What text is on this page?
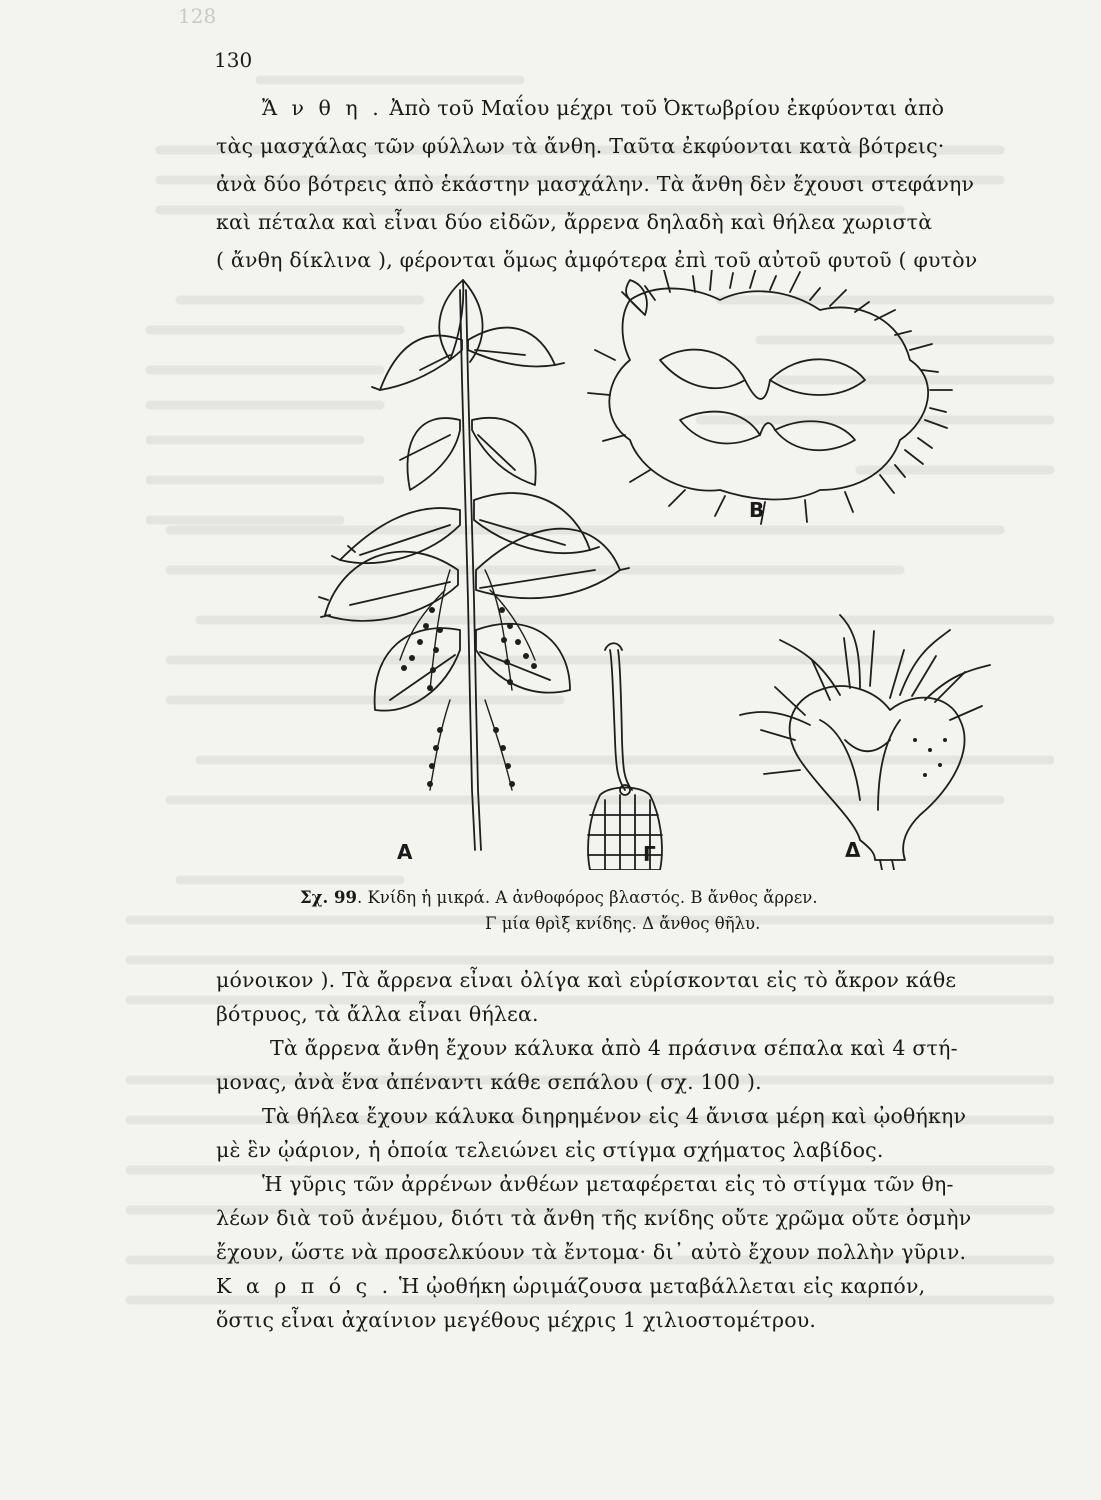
128
130
Ἄ ν θ η . Ἀπὸ τοῦ Μαΐου μέχρι τοῦ Ὀκτωβρίου ἐκφύονται ἀπὸ
τὰς μασχάλας τῶν φύλλων τὰ ἄνθη. Ταῦτα ἐκφύονται κατὰ βότρεις·
ἀνὰ δύο βότρεις ἀπὸ ἑκάστην μασχάλην. Τὰ ἄνθη δὲν ἔχουσι στεφάνην
καὶ πέταλα καὶ εἶναι δύο εἰδῶν, ἄρρενα δηλαδὴ καὶ θήλεα χωριστὰ
( ἄνθη δίκλινα ), φέρονται ὅμως ἀμφότερα ἐπὶ τοῦ αὐτοῦ φυτοῦ ( φυτὸν
Α
Β
Γ	Δ
Σχ. 99. Κνίδη ἡ μικρά. Α ἀνθοφόρος βλαστός. Β ἄνθος ἄρρεν.
Γ μία θρὶξ κνίδης. Δ ἄνθος θῆλυ.
μόνοικον ). Τὰ ἄρρενα εἶναι ὀλίγα καὶ εὑρίσκονται εἰς τὸ ἄκρον κάθε
βότρυος, τὰ ἄλλα εἶναι θήλεα.
Τὰ ἄρρενα ἄνθη ἔχουν κάλυκα ἀπὸ 4 πράσινα σέπαλα καὶ 4 στή-
μονας, ἀνὰ ἕνα ἀπέναντι κάθε σεπάλου ( σχ. 100 ).
Τὰ θήλεα ἔχουν κάλυκα διηρημένον εἰς 4 ἄνισα μέρη καὶ ᾠοθήκην
μὲ ἓν ᾠάριον, ἡ ὁποία τελειώνει εἰς στίγμα σχήματος λαβίδος.
Ἡ γῦρις τῶν ἀρρένων ἀνθέων μεταφέρεται εἰς τὸ στίγμα τῶν θη-
λέων διὰ τοῦ ἀνέμου, διότι τὰ ἄνθη τῆς κνίδης οὔτε χρῶμα οὔτε ὀσμὴν
ἔχουν, ὥστε νὰ προσελκύουν τὰ ἔντομα· δι᾽ αὐτὸ ἔχουν πολλὴν γῦριν.
Κ α ρ π ό ς . Ἡ ᾠοθήκη ὡριμάζουσα μεταβάλλεται εἰς καρπόν,
ὅστις εἶναι ἀχαίνιον μεγέθους μέχρις 1 χιλιοστομέτρου.
